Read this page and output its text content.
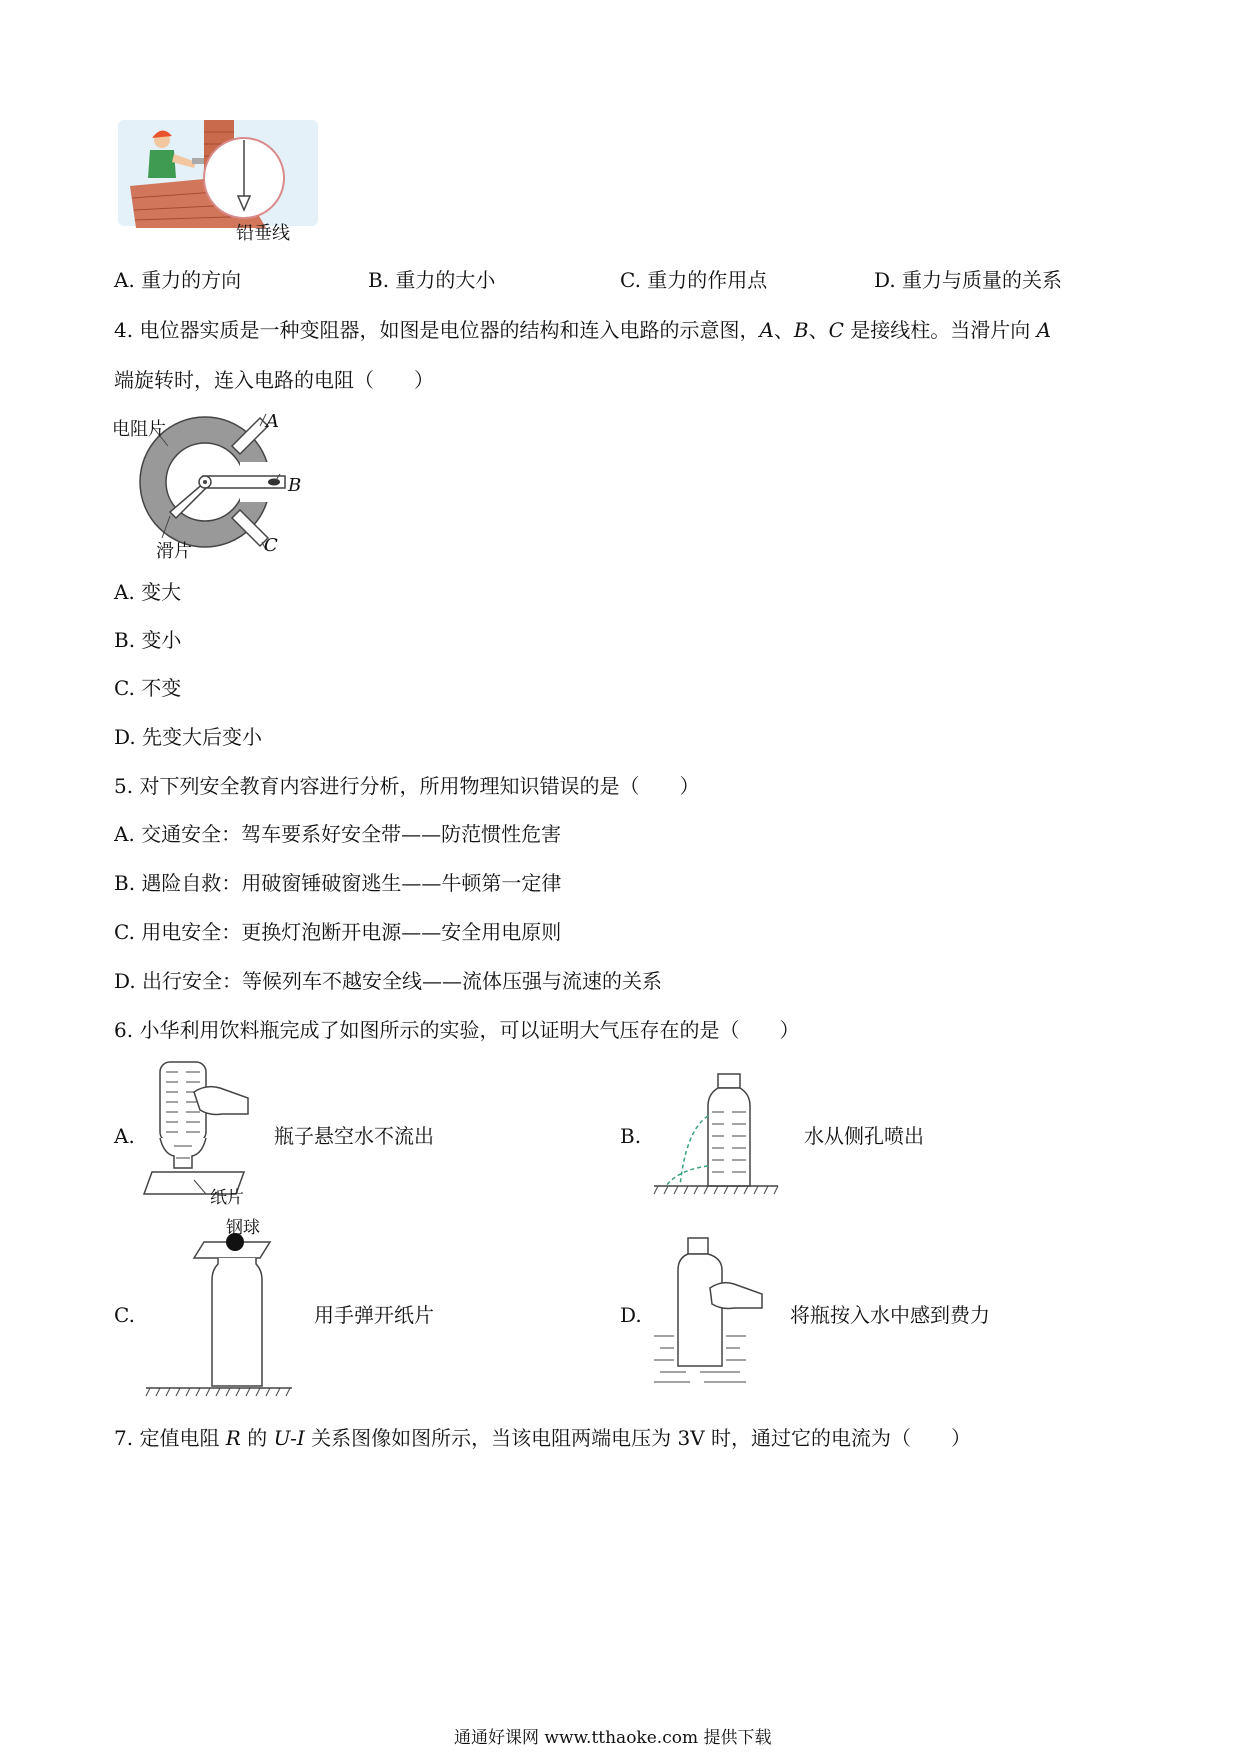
铅垂线
A. 重力的方向	B. 重力的大小	C. 重力的作用点	D. 重力与质量的关系
4. 电位器实质是一种变阻器，如图是电位器的结构和连入电路的示意图，A、B、C 是接线柱。当滑片向 A
端旋转时，连入电路的电阻（　　）
电阻片	A
B
滑片	C
A. 变大
B. 变小
C. 不变
D. 先变大后变小
5. 对下列安全教育内容进行分析，所用物理知识错误的是（　　）
A. 交通安全：驾车要系好安全带——防范惯性危害
B. 遇险自救：用破窗锤破窗逃生——牛顿第一定律
C. 用电安全：更换灯泡断开电源——安全用电原则
D. 出行安全：等候列车不越安全线——流体压强与流速的关系
6. 小华利用饮料瓶完成了如图所示的实验，可以证明大气压存在的是（　　）
A.	瓶子悬空水不流出
纸片
B.	水从侧孔喷出
钢球
C.	用手弹开纸片	D.	将瓶按入水中感到费力
7. 定值电阻 R 的 U-I 关系图像如图所示，当该电阻两端电压为 3V 时，通过它的电流为（　　）
通通好课网 www.tthaoke.com 提供下载
